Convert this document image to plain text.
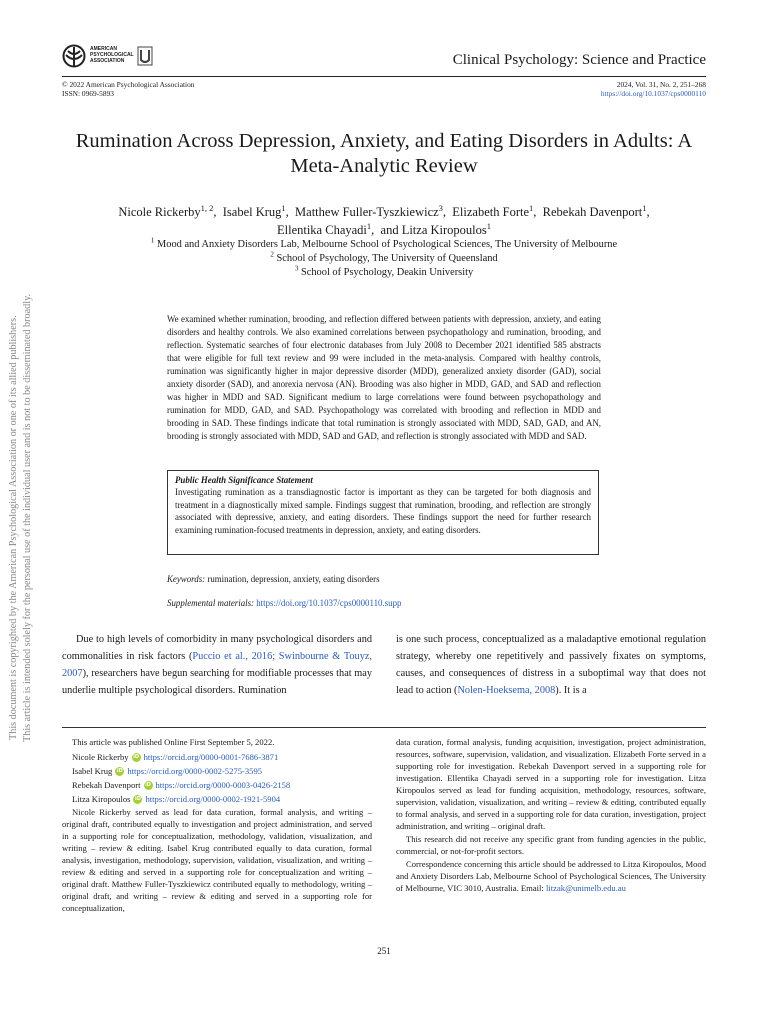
This document is copyrighted by the American Psychological Association or one of its allied publishers. This article is intended solely for the personal use of the individual user and is not to be disseminated broadly.
AMERICAN
PSYCHOLOGICAL
ASSOCIATION	Clinical Psychology: Science and Practice
© 2022 American Psychological Association
ISSN: 0969-5893
2024, Vol. 31, No. 2, 251–268
https://doi.org/10.1037/cps0000110
Rumination Across Depression, Anxiety, and Eating Disorders in Adults: A Meta-Analytic Review
Nicole Rickerby$^{1, 2}$, Isabel Krug$^1$, Matthew Fuller-Tyszkiewicz$^3$, Elizabeth Forte$^1$, Rebekah Davenport$^1$,
Ellentika Chayadi$^1$, and Litza Kiropoulos$^1$
$^1$ Mood and Anxiety Disorders Lab, Melbourne School of Psychological Sciences, The University of Melbourne
$^2$ School of Psychology, The University of Queensland
$^3$ School of Psychology, Deakin University
We examined whether rumination, brooding, and reflection differed between patients with depression, anxiety, and eating disorders and healthy controls. We also examined correlations between psychopathology and rumination, brooding, and reflection. Systematic searches of four electronic databases from July 2008 to December 2021 identified 585 abstracts that were eligible for full text review and 99 were included in the meta-analysis. Compared with healthy controls, rumination was significantly higher in major depressive disorder (MDD), generalized anxiety disorder (GAD), social anxiety disorder (SAD), and anorexia nervosa (AN). Brooding was also higher in MDD, GAD, and SAD and reflection was higher in MDD and SAD. Significant medium to large correlations were found between psychopathology and rumination for MDD, GAD, and SAD. Psychopathology was correlated with brooding and reflection in MDD and brooding in SAD. These findings indicate that total rumination is strongly associated with MDD, SAD, GAD, and AN, brooding is strongly associated with MDD, SAD and GAD, and reflection is strongly associated with MDD and SAD.
Public Health Significance Statement
Investigating rumination as a transdiagnostic factor is important as they can be targeted for both diagnosis and treatment in a diagnostically mixed sample. Findings suggest that rumination, brooding, and reflection are strongly associated with depressive, anxiety, and eating disorders. These findings support the need for further research examining rumination-focused treatments in depression, anxiety, and eating disorders.
Keywords: rumination, depression, anxiety, eating disorders
Supplemental materials: https://doi.org/10.1037/cps0000110.supp
Due to high levels of comorbidity in many psychological disorders and commonalities in risk factors (Puccio et al., 2016; Swinbourne & Touyz, 2007), researchers have begun searching for modifiable processes that may underlie multiple psychological disorders. Rumination
is one such process, conceptualized as a maladaptive emotional regulation strategy, whereby one repetitively and passively fixates on symptoms, causes, and consequences of distress in a suboptimal way that does not lead to action (Nolen-Hoeksema, 2008). It is a
This article was published Online First September 5, 2022.
Nicole Rickerby iD https://orcid.org/0000-0001-7686-3871
Isabel Krug iD https://orcid.org/0000-0002-5275-3595
Rebekah Davenport iD https://orcid.org/0000-0003-0426-2158
Litza Kiropoulos iD https://orcid.org/0000-0002-1921-5904
Nicole Rickerby served as lead for data curation, formal analysis, and writing – original draft, contributed equally to investigation and project administration, and served in a supporting role for conceptualization, methodology, validation, visualization, and writing – review & editing. Isabel Krug contributed equally to data curation, formal analysis, investigation, methodology, supervision, validation, visualization, and writing – review & editing and served in a supporting role for conceptualization and writing – original draft. Matthew Fuller-Tyszkiewicz contributed equally to methodology, writing – original draft, and writing – review & editing and served in a supporting role for conceptualization,
data curation, formal analysis, funding acquisition, investigation, project administration, resources, software, supervision, validation, and visualization. Elizabeth Forte served in a supporting role for investigation. Rebekah Davenport served in a supporting role for investigation. Ellentika Chayadi served in a supporting role for investigation. Litza Kiropoulos served as lead for funding acquisition, methodology, resources, software, supervision, validation, visualization, and writing – review & editing, contributed equally to formal analysis, and served in a supporting role for data curation, investigation, project administration, and writing – original draft.
This research did not receive any specific grant from funding agencies in the public, commercial, or not-for-profit sectors.
Correspondence concerning this article should be addressed to Litza Kiropoulos, Mood and Anxiety Disorders Lab, Melbourne School of Psychological Sciences, The University of Melbourne, VIC 3010, Australia. Email: litzak@unimelb.edu.au
251
